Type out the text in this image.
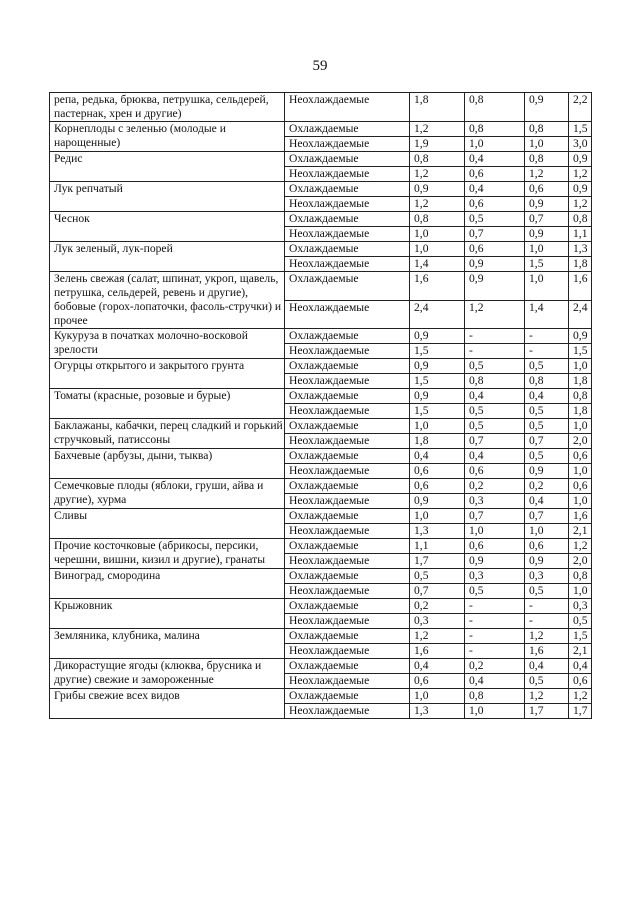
59
репа, редька, брюква, петрушка, сельдерей, пастернак, хрен и другие)	Неохлаждаемые	1,8	0,8	0,9	2,2
Корнеплоды с зеленью (молодые и нарощенные)	Охлаждаемые	1,2	0,8	0,8	1,5
	Неохлаждаемые	1,9	1,0	1,0	3,0
Редис	Охлаждаемые	0,8	0,4	0,8	0,9
	Неохлаждаемые	1,2	0,6	1,2	1,2
Лук репчатый	Охлаждаемые	0,9	0,4	0,6	0,9
	Неохлаждаемые	1,2	0,6	0,9	1,2
Чеснок	Охлаждаемые	0,8	0,5	0,7	0,8
	Неохлаждаемые	1,0	0,7	0,9	1,1
Лук зеленый, лук-порей	Охлаждаемые	1,0	0,6	1,0	1,3
	Неохлаждаемые	1,4	0,9	1,5	1,8
Зелень свежая (салат, шпинат, укроп, щавель, петрушка, сельдерей, ревень и другие), бобовые (горох-лопаточки, фасоль-стручки) и прочее	Охлаждаемые	1,6	0,9	1,0	1,6
	Неохлаждаемые	2,4	1,2	1,4	2,4
Кукуруза в початках молочно-восковой зрелости	Охлаждаемые	0,9	-	-	0,9
	Неохлаждаемые	1,5	-	-	1,5
Огурцы открытого и закрытого грунта	Охлаждаемые	0,9	0,5	0,5	1,0
	Неохлаждаемые	1,5	0,8	0,8	1,8
Томаты (красные, розовые и бурые)	Охлаждаемые	0,9	0,4	0,4	0,8
	Неохлаждаемые	1,5	0,5	0,5	1,8
Баклажаны, кабачки, перец сладкий и горький стручковый, патиссоны	Охлаждаемые	1,0	0,5	0,5	1,0
	Неохлаждаемые	1,8	0,7	0,7	2,0
Бахчевые (арбузы, дыни, тыква)	Охлаждаемые	0,4	0,4	0,5	0,6
	Неохлаждаемые	0,6	0,6	0,9	1,0
Семечковые плоды (яблоки, груши, айва и другие), хурма	Охлаждаемые	0,6	0,2	0,2	0,6
	Неохлаждаемые	0,9	0,3	0,4	1,0
Сливы	Охлаждаемые	1,0	0,7	0,7	1,6
	Неохлаждаемые	1,3	1,0	1,0	2,1
Прочие косточковые (абрикосы, персики, черешни, вишни, кизил и другие), гранаты	Охлаждаемые	1,1	0,6	0,6	1,2
	Неохлаждаемые	1,7	0,9	0,9	2,0
Виноград, смородина	Охлаждаемые	0,5	0,3	0,3	0,8
	Неохлаждаемые	0,7	0,5	0,5	1,0
Крыжовник	Охлаждаемые	0,2	-	-	0,3
	Неохлаждаемые	0,3	-	-	0,5
Земляника, клубника, малина	Охлаждаемые	1,2	-	1,2	1,5
	Неохлаждаемые	1,6	-	1,6	2,1
Дикорастущие ягоды (клюква, брусника и другие) свежие и замороженные	Охлаждаемые	0,4	0,2	0,4	0,4
	Неохлаждаемые	0,6	0,4	0,5	0,6
Грибы свежие всех видов	Охлаждаемые	1,0	0,8	1,2	1,2
	Неохлаждаемые	1,3	1,0	1,7	1,7
